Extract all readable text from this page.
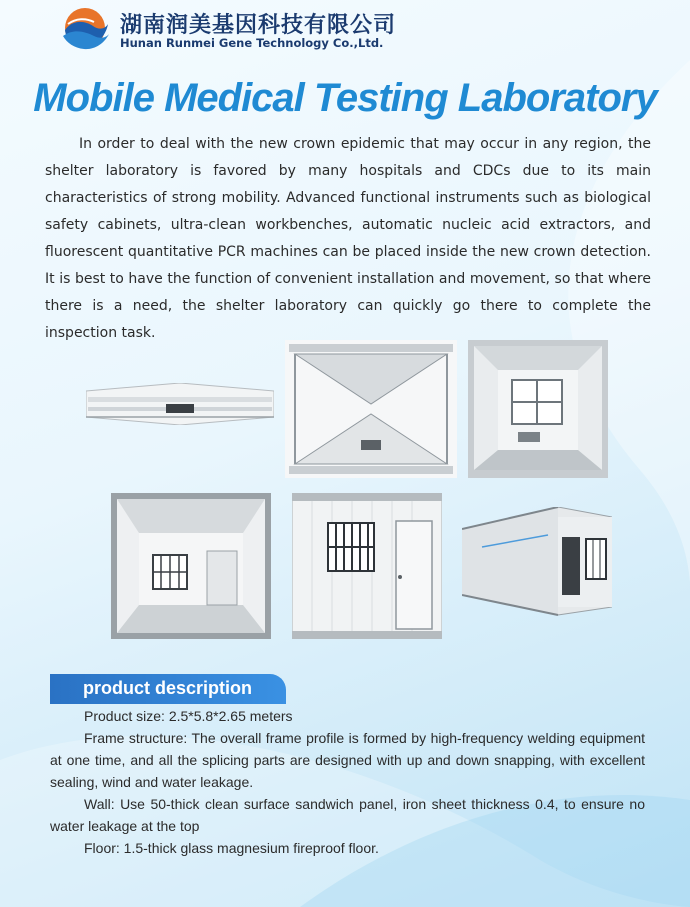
湖南润美基因科技有限公司
Hunan Runmei Gene Technology Co.,Ltd.
Mobile Medical Testing Laboratory

In order to deal with the new crown epidemic that may occur in any region, the shelter laboratory is favored by many hospitals and CDCs due to its main characteristics of strong mobility. Advanced functional instruments such as biological safety cabinets, ultra-clean workbenches, automatic nucleic acid extractors, and fluorescent quantitative PCR machines can be placed inside the new crown detection. It is best to have the function of convenient installation and movement, so that where there is a need, the shelter laboratory can quickly go there to complete the inspection task.

product description

Product size: 2.5*5.8*2.65 meters

Frame structure: The overall frame profile is formed by high-frequency welding equipment at one time, and all the splicing parts are designed with up and down snapping, with excellent sealing, wind and water leakage.

Wall: Use 50-thick clean surface sandwich panel, iron sheet thickness 0.4, to ensure no water leakage at the top

Floor: 1.5-thick glass magnesium fireproof floor.
